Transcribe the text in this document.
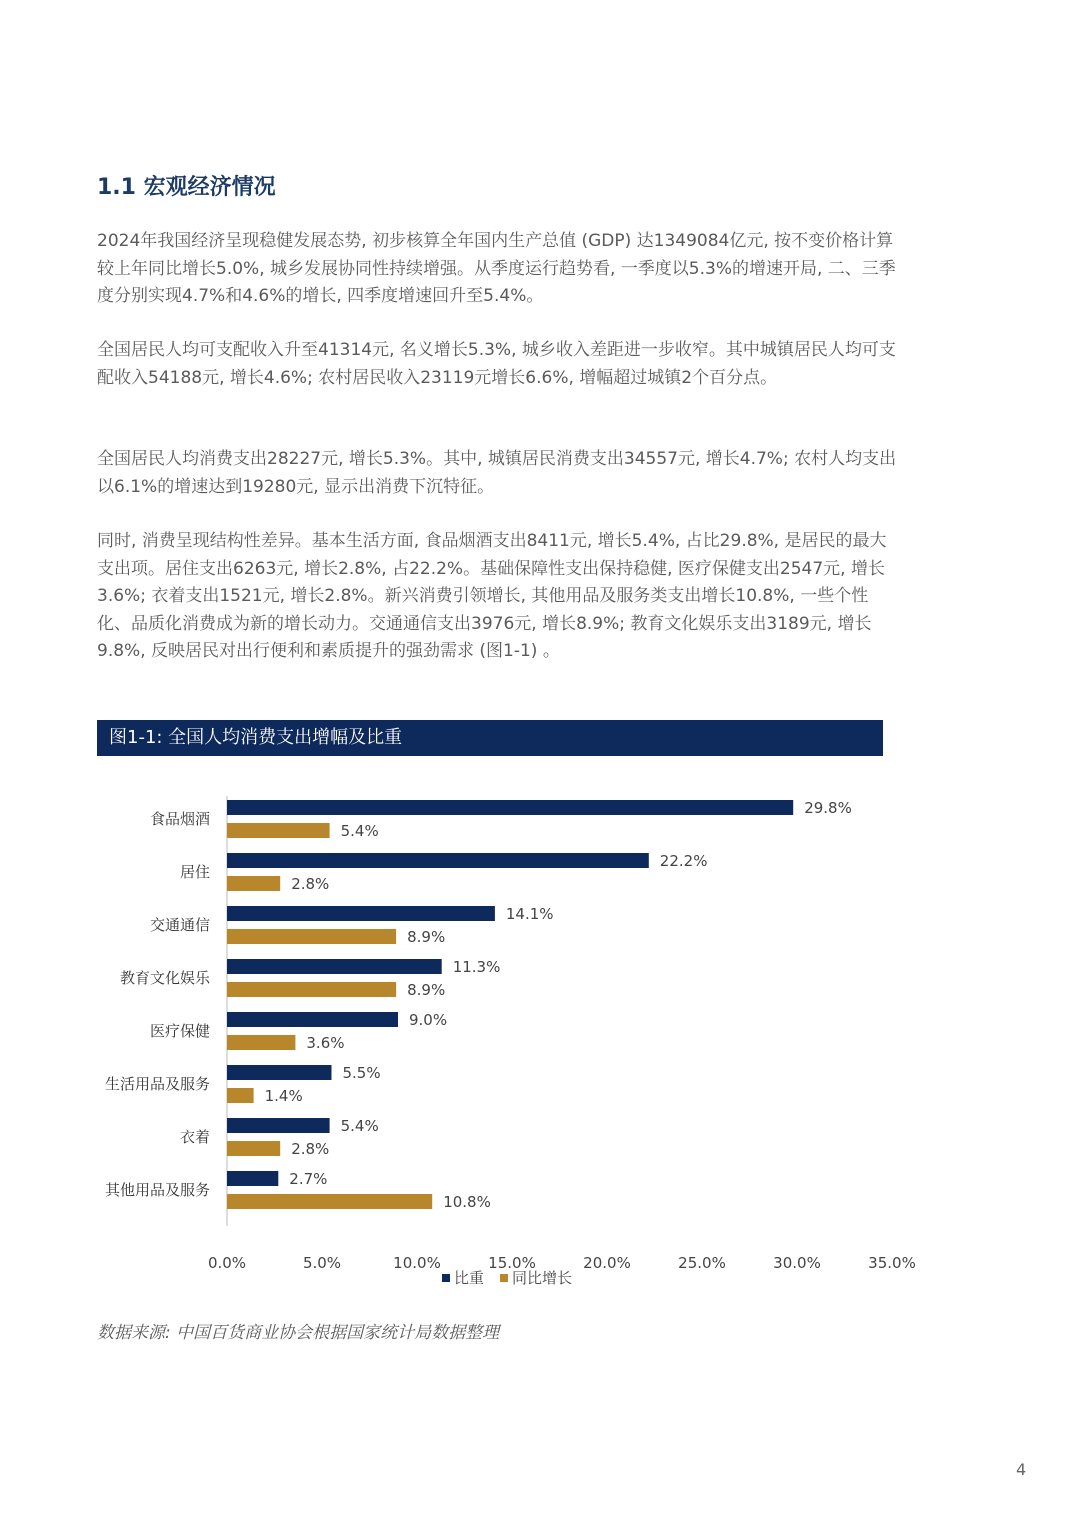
1.1 宏观经济情况

2024年我国经济呈现稳健发展态势, 初步核算全年国内生产总值 (GDP) 达1349084亿元, 按不变价格计算较上年同比增长5.0%, 城乡发展协同性持续增强。从季度运行趋势看, 一季度以5.3%的增速开局, 二、三季度分别实现4.7%和4.6%的增长, 四季度增速回升至5.4%。

全国居民人均可支配收入升至41314元, 名义增长5.3%, 城乡收入差距进一步收窄。其中城镇居民人均可支配收入54188元, 增长4.6%; 农村居民收入23119元增长6.6%, 增幅超过城镇2个百分点。

全国居民人均消费支出28227元, 增长5.3%。其中, 城镇居民消费支出34557元, 增长4.7%; 农村人均支出以6.1%的增速达到19280元, 显示出消费下沉特征。

同时, 消费呈现结构性差异。基本生活方面, 食品烟酒支出8411元, 增长5.4%, 占比29.8%, 是居民的最大支出项。居住支出6263元, 增长2.8%, 占22.2%。基础保障性支出保持稳健, 医疗保健支出2547元, 增长3.6%; 衣着支出1521元, 增长2.8%。新兴消费引领增长, 其他用品及服务类支出增长10.8%, 一些个性化、品质化消费成为新的增长动力。交通通信支出3976元, 增长8.9%; 教育文化娱乐支出3189元, 增长9.8%, 反映居民对出行便利和素质提升的强劲需求 (图1-1) 。

图1-1: 全国人均消费支出增幅及比重
食品烟酒
29.8%
5.4%
居住
22.2%
2.8%
交通通信
14.1%
8.9%
教育文化娱乐
11.3%
8.9%
医疗保健
9.0%
3.6%
生活用品及服务
5.5%
1.4%
衣着
5.4%
2.8%
其他用品及服务
2.7%
10.8%
0.0%	5.0%	10.0%	15.0%	20.0%	25.0%	30.0%	35.0%
比重 同比增长
数据来源: 中国百货商业协会根据国家统计局数据整理
4
